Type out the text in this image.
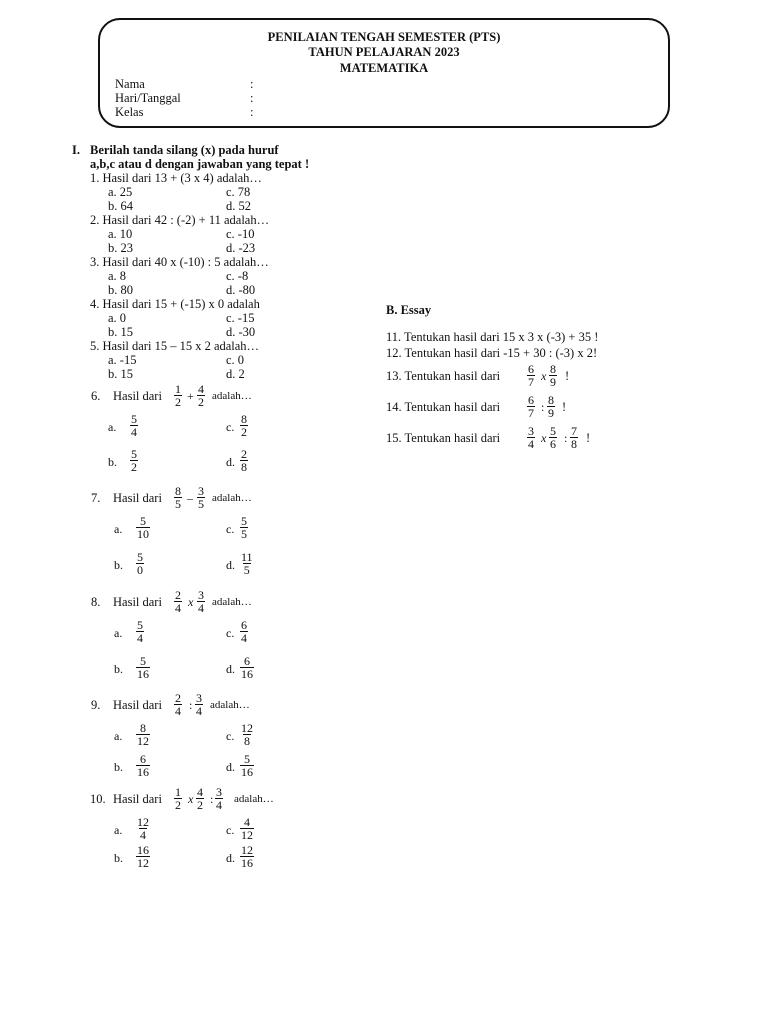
PENILAIAN TENGAH SEMESTER (PTS)
TAHUN PELAJARAN 2023
MATEMATIKA
Nama	:
Hari/Tanggal	:
Kelas	:
I. Berilah tanda silang (x) pada huruf
a,b,c atau d dengan jawaban yang tepat !
1. Hasil dari 13 + (3 x 4) adalah…
a. 25	c. 78
b. 64	d. 52
2. Hasil dari 42 : (-2) + 11 adalah…
a. 10	c. -10
b. 23	d. -23
3. Hasil dari 40 x (-10) : 5 adalah…
a. 8	c. -8
b. 80	d. -80
4. Hasil dari 15 + (-15) x 0 adalah
a. 0	c. -15
b. 15	d. -30
5. Hasil dari 15 – 15 x 2 adalah…
a. -15	c. 0
b. 15	d. 2
6. Hasil dari $\frac{1}{2} + \frac{4}{2}$ adalah…
a. $\frac{5}{4}$	c. $\frac{8}{2}$
b. $\frac{5}{2}$	d. $\frac{2}{8}$
7. Hasil dari $\frac{8}{5} - \frac{3}{5}$ adalah…
a. $\frac{5}{10}$	c. $\frac{5}{5}$
b. $\frac{5}{0}$	d. $\frac{11}{5}$
8. Hasil dari $\frac{2}{4}$ x $\frac{3}{4}$ adalah…
a. $\frac{5}{4}$	c. $\frac{6}{4}$
b. $\frac{5}{16}$	d. $\frac{6}{16}$
9. Hasil dari $\frac{2}{4}$ : $\frac{3}{4}$ adalah…
a. $\frac{8}{12}$	c. $\frac{12}{8}$
b. $\frac{6}{16}$	d. $\frac{5}{16}$
10. Hasil dari $\frac{1}{2}$ x $\frac{4}{2}$ : $\frac{3}{4}$ adalah…
a. $\frac{12}{4}$	c. $\frac{4}{12}$
b. $\frac{16}{12}$	d. $\frac{12}{16}$
B. Essay
11. Tentukan hasil dari 15 x 3 x (-3) + 35 !
12. Tentukan hasil dari -15 + 30 : (-3) x 2!
13. Tentukan hasil dari $\frac{6}{7}$ x $\frac{8}{9}$ !
14. Tentukan hasil dari $\frac{6}{7}$ : $\frac{8}{9}$ !
15. Tentukan hasil dari $\frac{3}{4}$ x $\frac{5}{6}$ : $\frac{7}{8}$ !
